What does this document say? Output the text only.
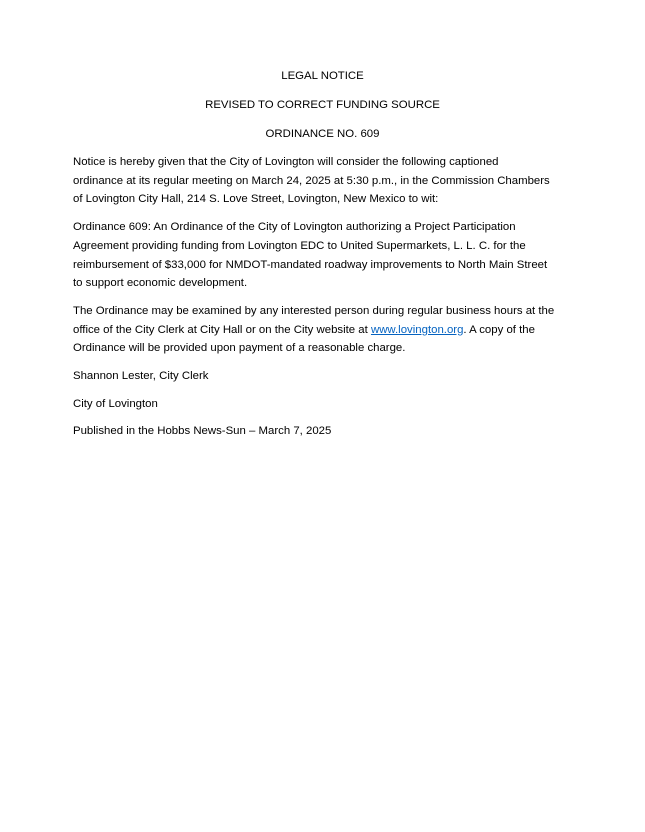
LEGAL NOTICE
REVISED TO CORRECT FUNDING SOURCE
ORDINANCE NO. 609

Notice is hereby given that the City of Lovington will consider the following captioned
ordinance at its regular meeting on March 24, 2025 at 5:30 p.m., in the Commission Chambers
of Lovington City Hall, 214 S. Love Street, Lovington, New Mexico to wit:

Ordinance 609: An Ordinance of the City of Lovington authorizing a Project Participation
Agreement providing funding from Lovington EDC to United Supermarkets, L. L. C. for the
reimbursement of $33,000 for NMDOT-mandated roadway improvements to North Main Street
to support economic development.

The Ordinance may be examined by any interested person during regular business hours at the
office of the City Clerk at City Hall or on the City website at www.lovington.org. A copy of the
Ordinance will be provided upon payment of a reasonable charge.

Shannon Lester, City Clerk

City of Lovington

Published in the Hobbs News-Sun – March 7, 2025
